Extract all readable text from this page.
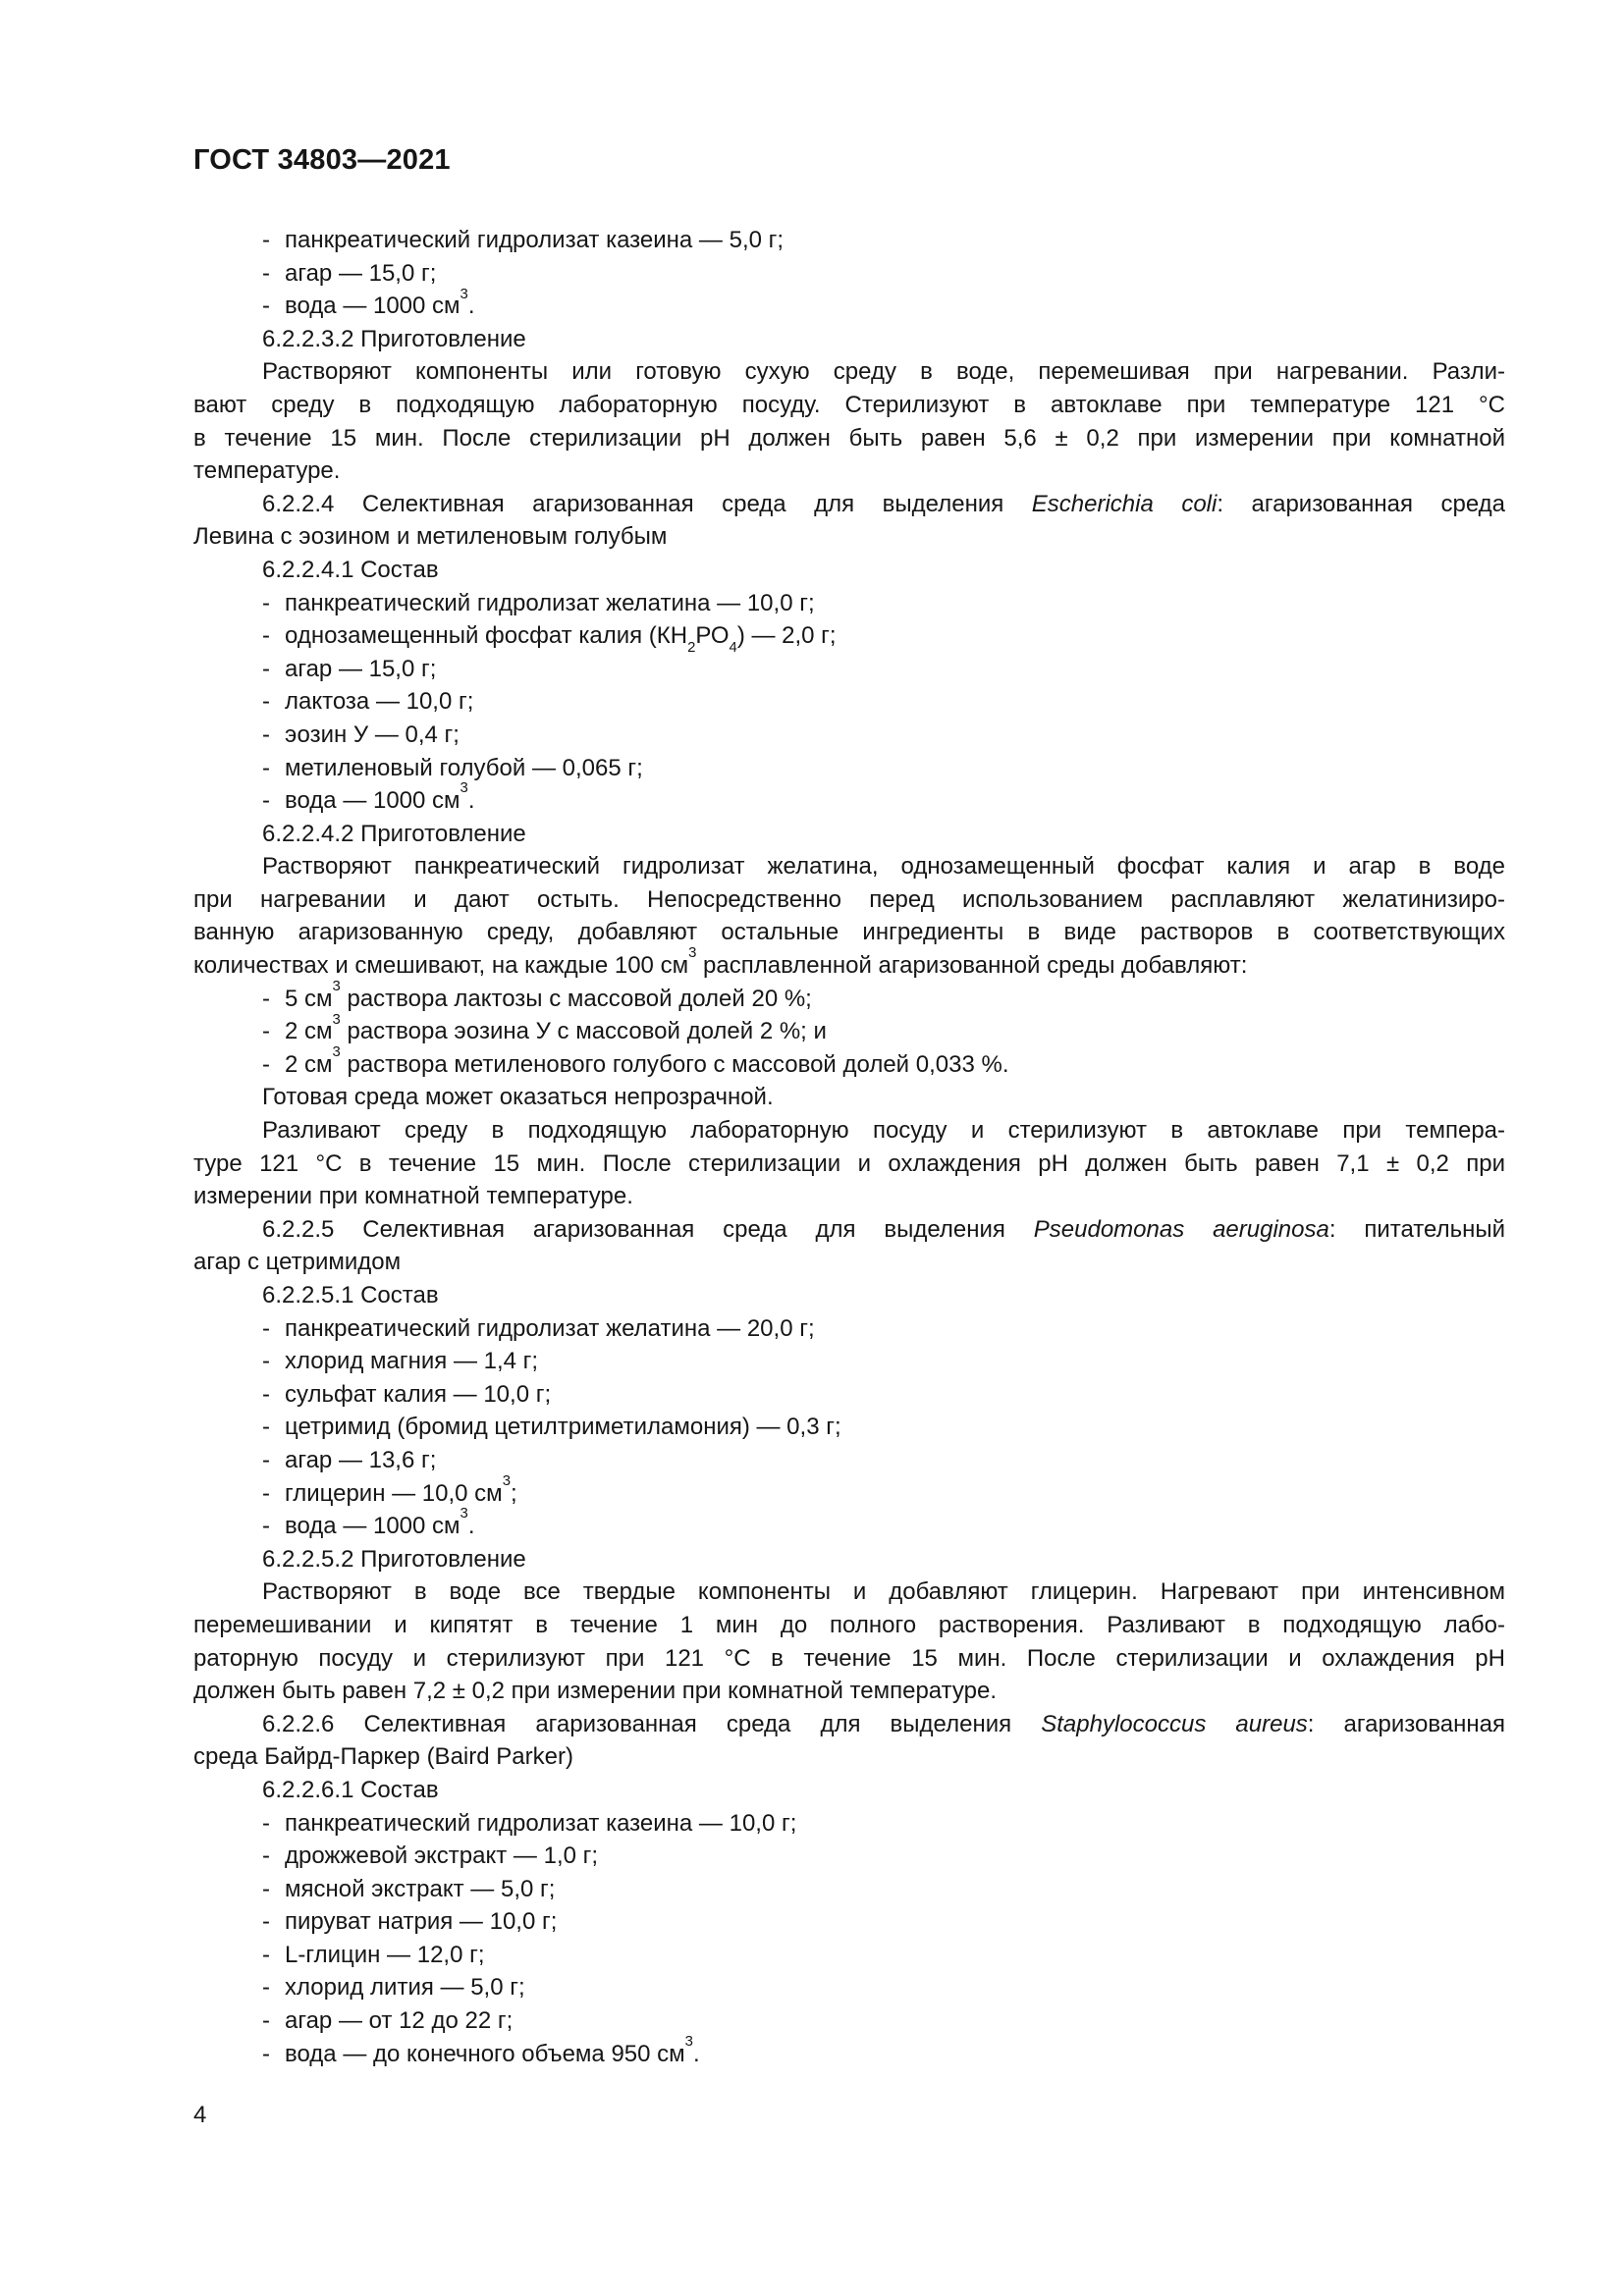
ГОСТ 34803—2021
- панкреатический гидролизат казеина — 5,0 г;
- агар — 15,0 г;
- вода — 1000 $см^3$.
6.2.2.3.2 Приготовление
Растворяют компоненты или готовую сухую среду в воде, перемешивая при нагревании. Разли-
вают среду в подходящую лабораторную посуду. Стерилизуют в автоклаве при температуре 121 °С
в течение 15 мин. После стерилизации pH должен быть равен 5,6 ± 0,2 при измерении при комнатной
температуре.
6.2.2.4 Селективная агаризованная среда для выделения Escherichia coli: агаризованная среда
Левина с эозином и метиленовым голубым
6.2.2.4.1 Состав
- панкреатический гидролизат желатина — 10,0 г;
- однозамещенный фосфат калия $(КН_2РО_4)$ — 2,0 г;
- агар — 15,0 г;
- лактоза — 10,0 г;
- эозин У — 0,4 г;
- метиленовый голубой — 0,065 г;
- вода — 1000 $см^3$.
6.2.2.4.2 Приготовление
Растворяют панкреатический гидролизат желатина, однозамещенный фосфат калия и агар в воде
при нагревании и дают остыть. Непосредственно перед использованием расплавляют желатинизиро-
ванную агаризованную среду, добавляют остальные ингредиенты в виде растворов в соответствующих
количествах и смешивают, на каждые 100 $см^3$ расплавленной агаризованной среды добавляют:
- 5 $см^3$ раствора лактозы с массовой долей 20 %;
- 2 $см^3$ раствора эозина У с массовой долей 2 %; и
- 2 $см^3$ раствора метиленового голубого с массовой долей 0,033 %.
Готовая среда может оказаться непрозрачной.
Разливают среду в подходящую лабораторную посуду и стерилизуют в автоклаве при темпера-
туре 121 °С в течение 15 мин. После стерилизации и охлаждения pH должен быть равен 7,1 ± 0,2 при
измерении при комнатной температуре.
6.2.2.5 Селективная агаризованная среда для выделения Pseudomonas aeruginosa: питательный
агар с цетримидом
6.2.2.5.1 Состав
- панкреатический гидролизат желатина — 20,0 г;
- хлорид магния — 1,4 г;
- сульфат калия — 10,0 г;
- цетримид (бромид цетилтриметиламония) — 0,3 г;
- агар — 13,6 г;
- глицерин — 10,0 $см^3$;
- вода — 1000 $см^3$.
6.2.2.5.2 Приготовление
Растворяют в воде все твердые компоненты и добавляют глицерин. Нагревают при интенсивном
перемешивании и кипятят в течение 1 мин до полного растворения. Разливают в подходящую лабо-
раторную посуду и стерилизуют при 121 °С в течение 15 мин. После стерилизации и охлаждения pH
должен быть равен 7,2 ± 0,2 при измерении при комнатной температуре.
6.2.2.6 Селективная агаризованная среда для выделения Staphylococcus aureus: агаризованная
среда Байрд-Паркер (Baird Parker)
6.2.2.6.1 Состав
- панкреатический гидролизат казеина — 10,0 г;
- дрожжевой экстракт — 1,0 г;
- мясной экстракт — 5,0 г;
- пируват натрия — 10,0 г;
- L-глицин — 12,0 г;
- хлорид лития — 5,0 г;
- агар — от 12 до 22 г;
- вода — до конечного объема 950 $см^3$.
4
